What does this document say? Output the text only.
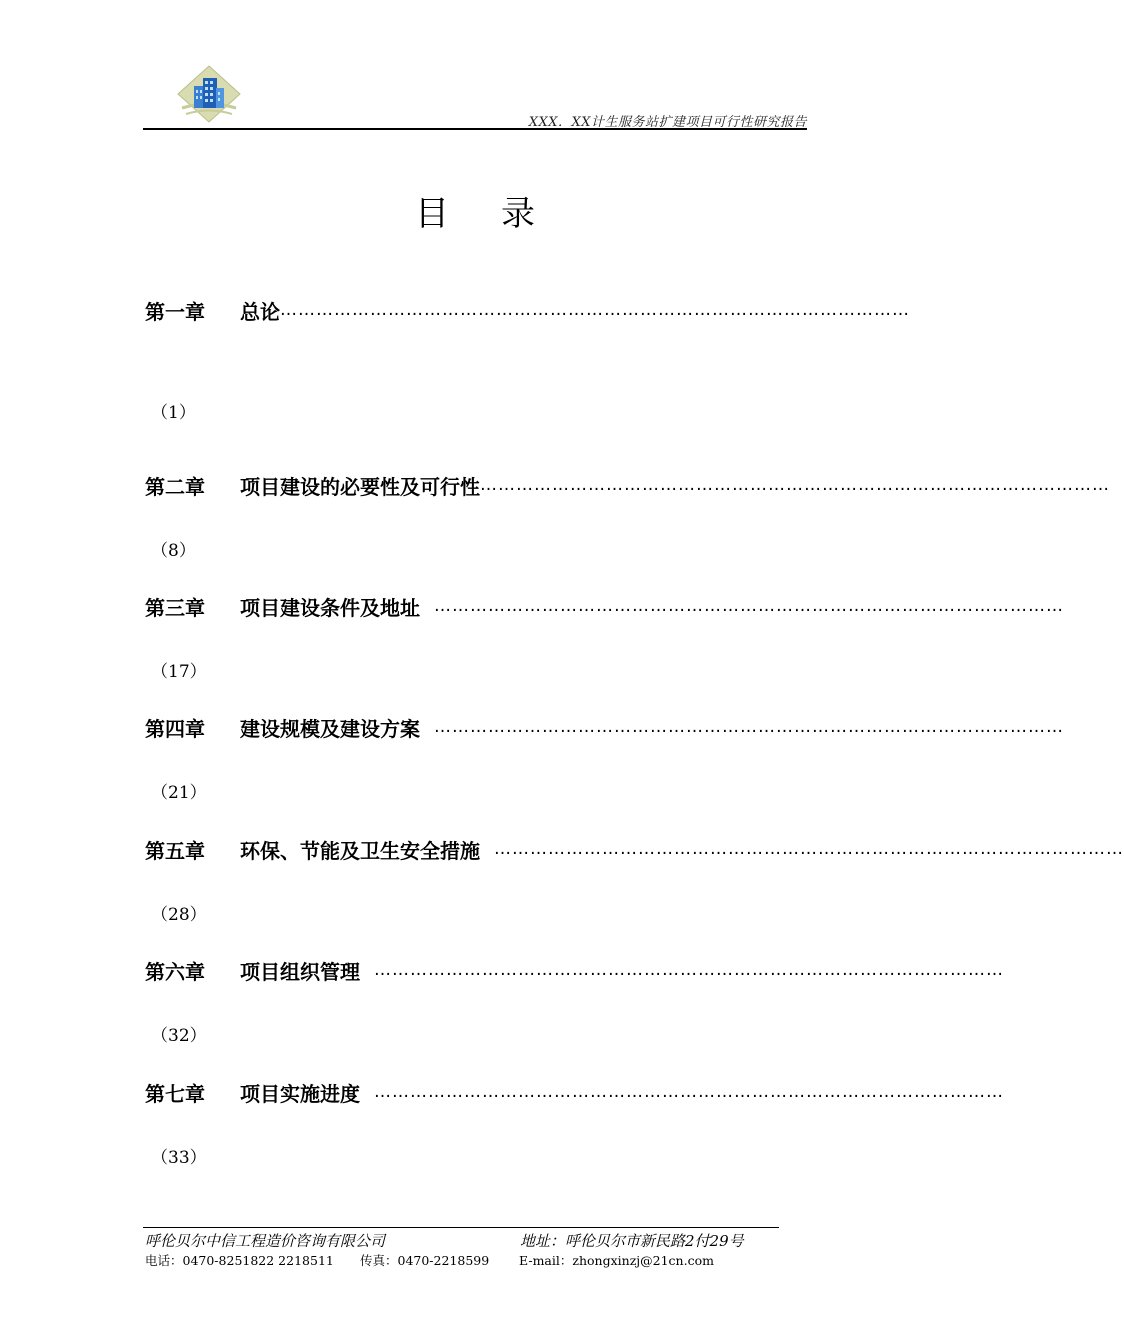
XXX．XX计生服务站扩建项目可行性研究报告
目录
第一章	总论 ……………………………………………………………………………………………
（1）
第二章	项目建设的必要性及可行性 ……………………………………………………………………………………………
（8）
第三章	项目建设条件及地址 ……………………………………………………………………………………………
（17）
第四章	建设规模及建设方案 ……………………………………………………………………………………………
（21）
第五章	环保、节能及卫生安全措施 ……………………………………………………………………………………………
（28）
第六章	项目组织管理 ……………………………………………………………………………………………
（32）
第七章	项目实施进度 ……………………………………………………………………………………………
（33）
呼伦贝尔中信工程造价咨询有限公司	地址：呼伦贝尔市新民路2付29号
电话：0470-8251822 2218511 传真：0470-2218599 E-mail：zhongxinzj@21cn.com
